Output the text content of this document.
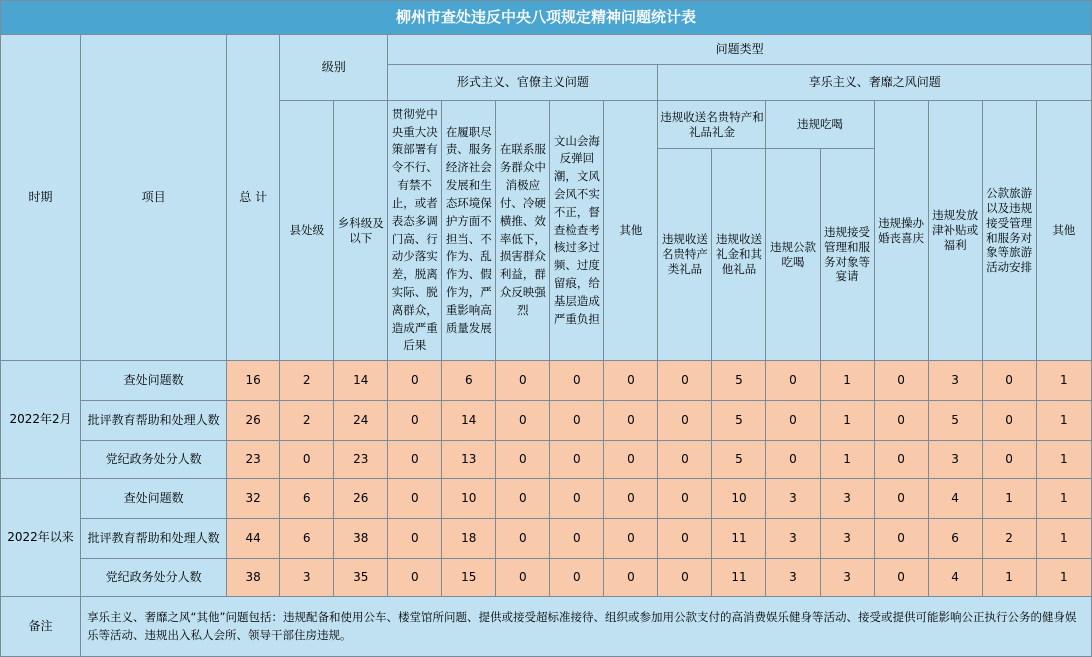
柳州市查处违反中央八项规定精神问题统计表																	
时期	项目	总 计	级别		问题类型												
					形式主义、官僚主义问题					享乐主义、奢靡之风问题							
			县处级	乡科级及以下	贯彻党中央重大决策部署有令不行、有禁不止，或者表态多调门高、行动少落实差，脱离实际、脱离群众，造成严重后果	在履职尽责、服务经济社会发展和生态环境保护方面不担当、不作为、乱作为、假作为，严重影响高质量发展	在联系服务群众中消极应付、冷硬横推、效率低下，损害群众利益，群众反映强烈	文山会海反弹回潮，文风会风不实不正，督查检查考核过多过频、过度留痕，给基层造成严重负担	其他	违规收送名贵特产和礼品礼金		违规吃喝		违规操办婚丧喜庆	违规发放津补贴或福利	公款旅游以及违规接受管理和服务对象等旅游活动安排	其他
										违规收送名贵特产类礼品	违规收送礼金和其他礼品	违规公款吃喝	违规接受管理和服务对象等宴请				
2022年2月	查处问题数	16	2	14	0	6	0	0	0	0	5	0	1	0	3	0	1
	批评教育帮助和处理人数	26	2	24	0	14	0	0	0	0	5	0	1	0	5	0	1
	党纪政务处分人数	23	0	23	0	13	0	0	0	0	5	0	1	0	3	0	1
2022年以来	查处问题数	32	6	26	0	10	0	0	0	0	10	3	3	0	4	1	1
	批评教育帮助和处理人数	44	6	38	0	18	0	0	0	0	11	3	3	0	6	2	1
	党纪政务处分人数	38	3	35	0	15	0	0	0	0	11	3	3	0	4	1	1
备注	享乐主义、奢靡之风“其他”问题包括：违规配备和使用公车、楼堂馆所问题、提供或接受超标准接待、组织或参加用公款支付的高消费娱乐健身等活动、接受或提供可能影响公正执行公务的健身娱乐等活动、违规出入私人会所、领导干部住房违规。																
